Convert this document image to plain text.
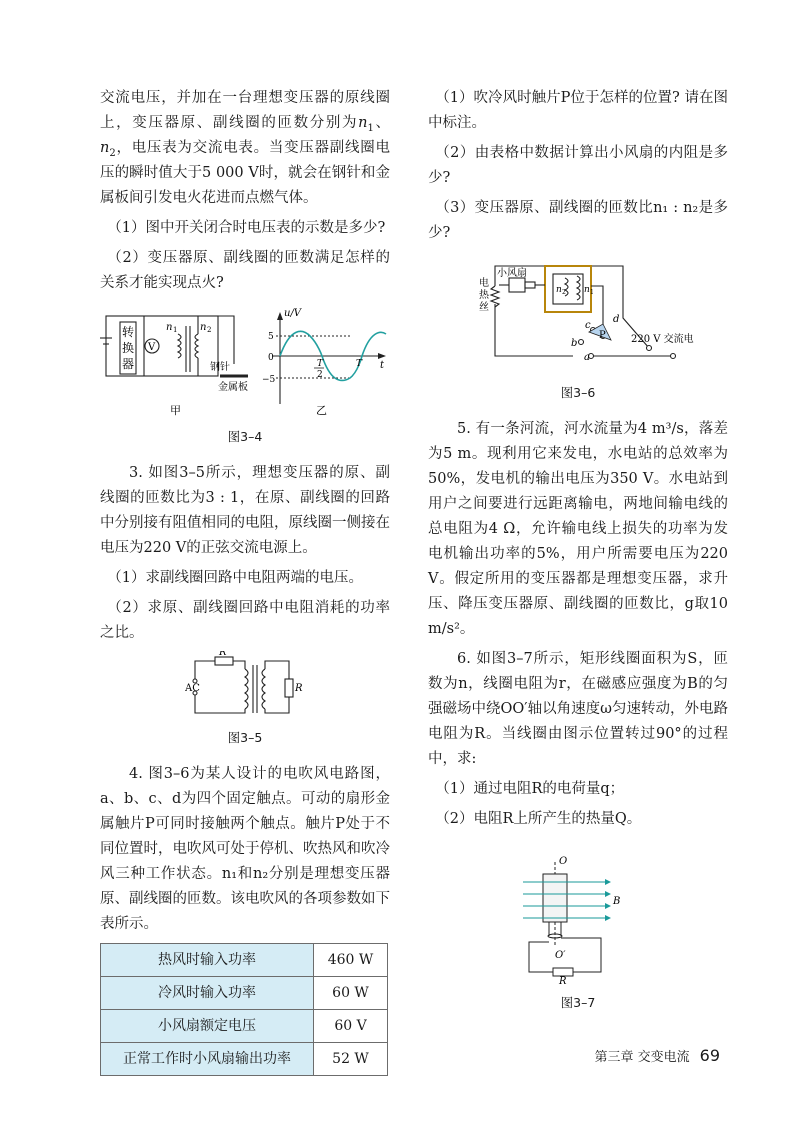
交流电压，并加在一台理想变压器的原线圈上，变压器原、副线圈的匝数分别为$n_1$、$n_2$，电压表为交流电表。当变压器副线圈电压的瞬时值大于5 000 V时，就会在钢针和金属板间引发电火花进而点燃气体。

（1）图中开关闭合时电压表的示数是多少?

（2）变压器原、副线圈的匝数满足怎样的关系才能实现点火?

转
换
器
V
n 1 n 2
钢针
金属板
u/V
t
5
0
−5
T
2
T
甲	乙
图3–4

3. 如图3–5所示，理想变压器的原、副线圈的匝数比为3 : 1，在原、副线圈的回路中分别接有阻值相同的电阻，原线圈一侧接在电压为220 V的正弦交流电源上。

（1）求副线圈回路中电阻两端的电压。

（2）求原、副线圈回路中电阻消耗的功率之比。

R
AC	R
图3–5

4. 图3–6为某人设计的电吹风电路图，a、b、c、d为四个固定触点。可动的扇形金属触片P可同时接触两个触点。触片P处于不同位置时，电吹风可处于停机、吹热风和吹冷风三种工作状态。n₁和n₂分别是理想变压器原、副线圈的匝数。该电吹风的各项参数如下表所示。

热风时输入功率	460 W
冷风时输入功率	60 W
小风扇额定电压	60 V
正常工作时小风扇输出功率	52 W

（1）吹冷风时触片P位于怎样的位置? 请在图中标注。

（2）由表格中数据计算出小风扇的内阻是多少?

（3）变压器原、副线圈的匝数比n₁ : n₂是多少?

小风扇
电
热
丝
n 2 n 1
a
b
c
d
P	220 V 交流电
图3–6

5. 有一条河流，河水流量为4 m³/s，落差为5 m。现利用它来发电，水电站的总效率为50%，发电机的输出电压为350 V。水电站到用户之间要进行远距离输电，两地间输电线的总电阻为4 Ω，允许输电线上损失的功率为发电机输出功率的5%，用户所需要电压为220 V。假定所用的变压器都是理想变压器，求升压、降压变压器原、副线圈的匝数比，g取10 m/s²。

6. 如图3–7所示，矩形线圈面积为S，匝数为n，线圈电阻为r，在磁感应强度为B的匀强磁场中绕OO′轴以角速度ω匀速转动，外电路电阻为R。当线圈由图示位置转过90°的过程中，求:

（1）通过电阻R的电荷量q；

（2）电阻R上所产生的热量Q。

O
B
O′
R
图3–7
第三章 交变电流 69
